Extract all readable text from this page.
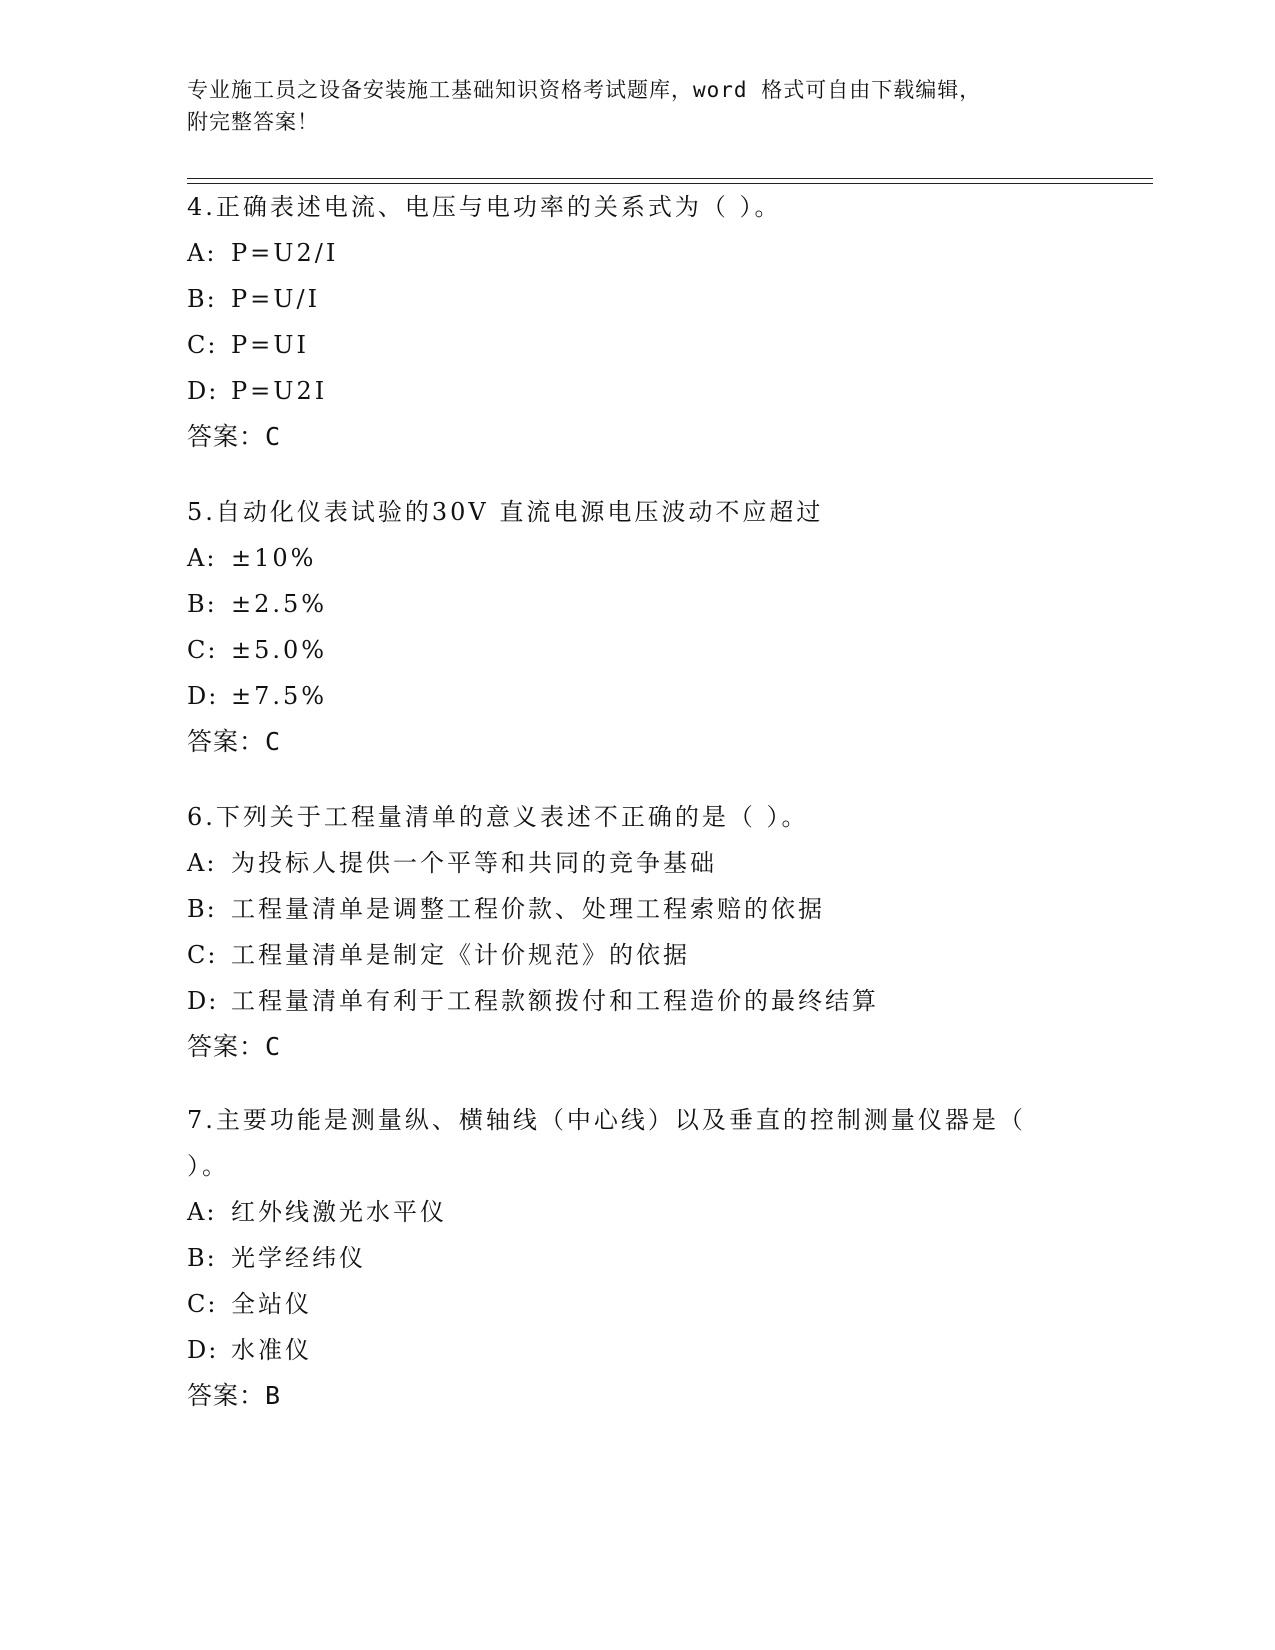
专业施工员之设备安装施工基础知识资格考试题库，word 格式可自由下载编辑，
附完整答案！
4.正确表述电流、电压与电功率的关系式为（ ）。
A: P=U2/I
B: P=U/I
C: P=UI
D: P=U2I
答案：C
5.自动化仪表试验的30V 直流电源电压波动不应超过
A: ±10%
B: ±2.5%
C: ±5.0%
D: ±7.5%
答案：C
6.下列关于工程量清单的意义表述不正确的是（ ）。
A: 为投标人提供一个平等和共同的竞争基础
B: 工程量清单是调整工程价款、处理工程索赔的依据
C: 工程量清单是制定《计价规范》的依据
D: 工程量清单有利于工程款额拨付和工程造价的最终结算
答案：C
7.主要功能是测量纵、横轴线（中心线）以及垂直的控制测量仪器是（ ）。
A: 红外线激光水平仪
B: 光学经纬仪
C: 全站仪
D: 水准仪
答案：B
